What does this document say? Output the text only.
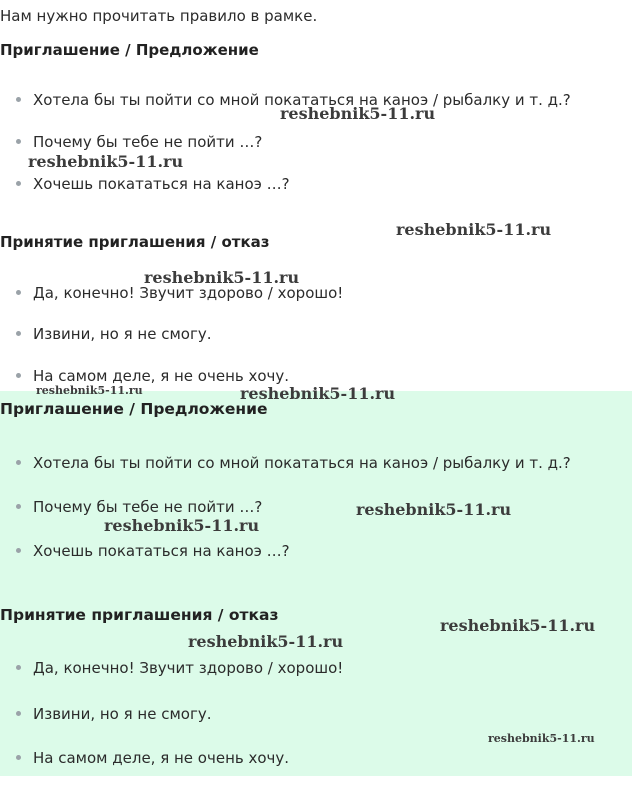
Нам нужно прочитать правило в рамке.

Приглашение / Предложение

Хотела бы ты пойти со мной покататься на каноэ / рыбалку и т. д.?
Почему бы тебе не пойти …?
Хочешь покататься на каноэ …?

Принятие приглашения / отказ

Да, конечно! Звучит здорово / хорошо!
Извини, но я не смогу.
На самом деле, я не очень хочу.

Приглашение / Предложение

Хотела бы ты пойти со мной покататься на каноэ / рыбалку и т. д.?
Почему бы тебе не пойти …?
Хочешь покататься на каноэ …?

Принятие приглашения / отказ

Да, конечно! Звучит здорово / хорошо!
Извини, но я не смогу.
На самом деле, я не очень хочу.
reshebnik5-11.ru
reshebnik5-11.ru
reshebnik5-11.ru
reshebnik5-11.ru
reshebnik5-11.ru	reshebnik5-11.ru
reshebnik5-11.ru
reshebnik5-11.ru
reshebnik5-11.ru
reshebnik5-11.ru
reshebnik5-11.ru
